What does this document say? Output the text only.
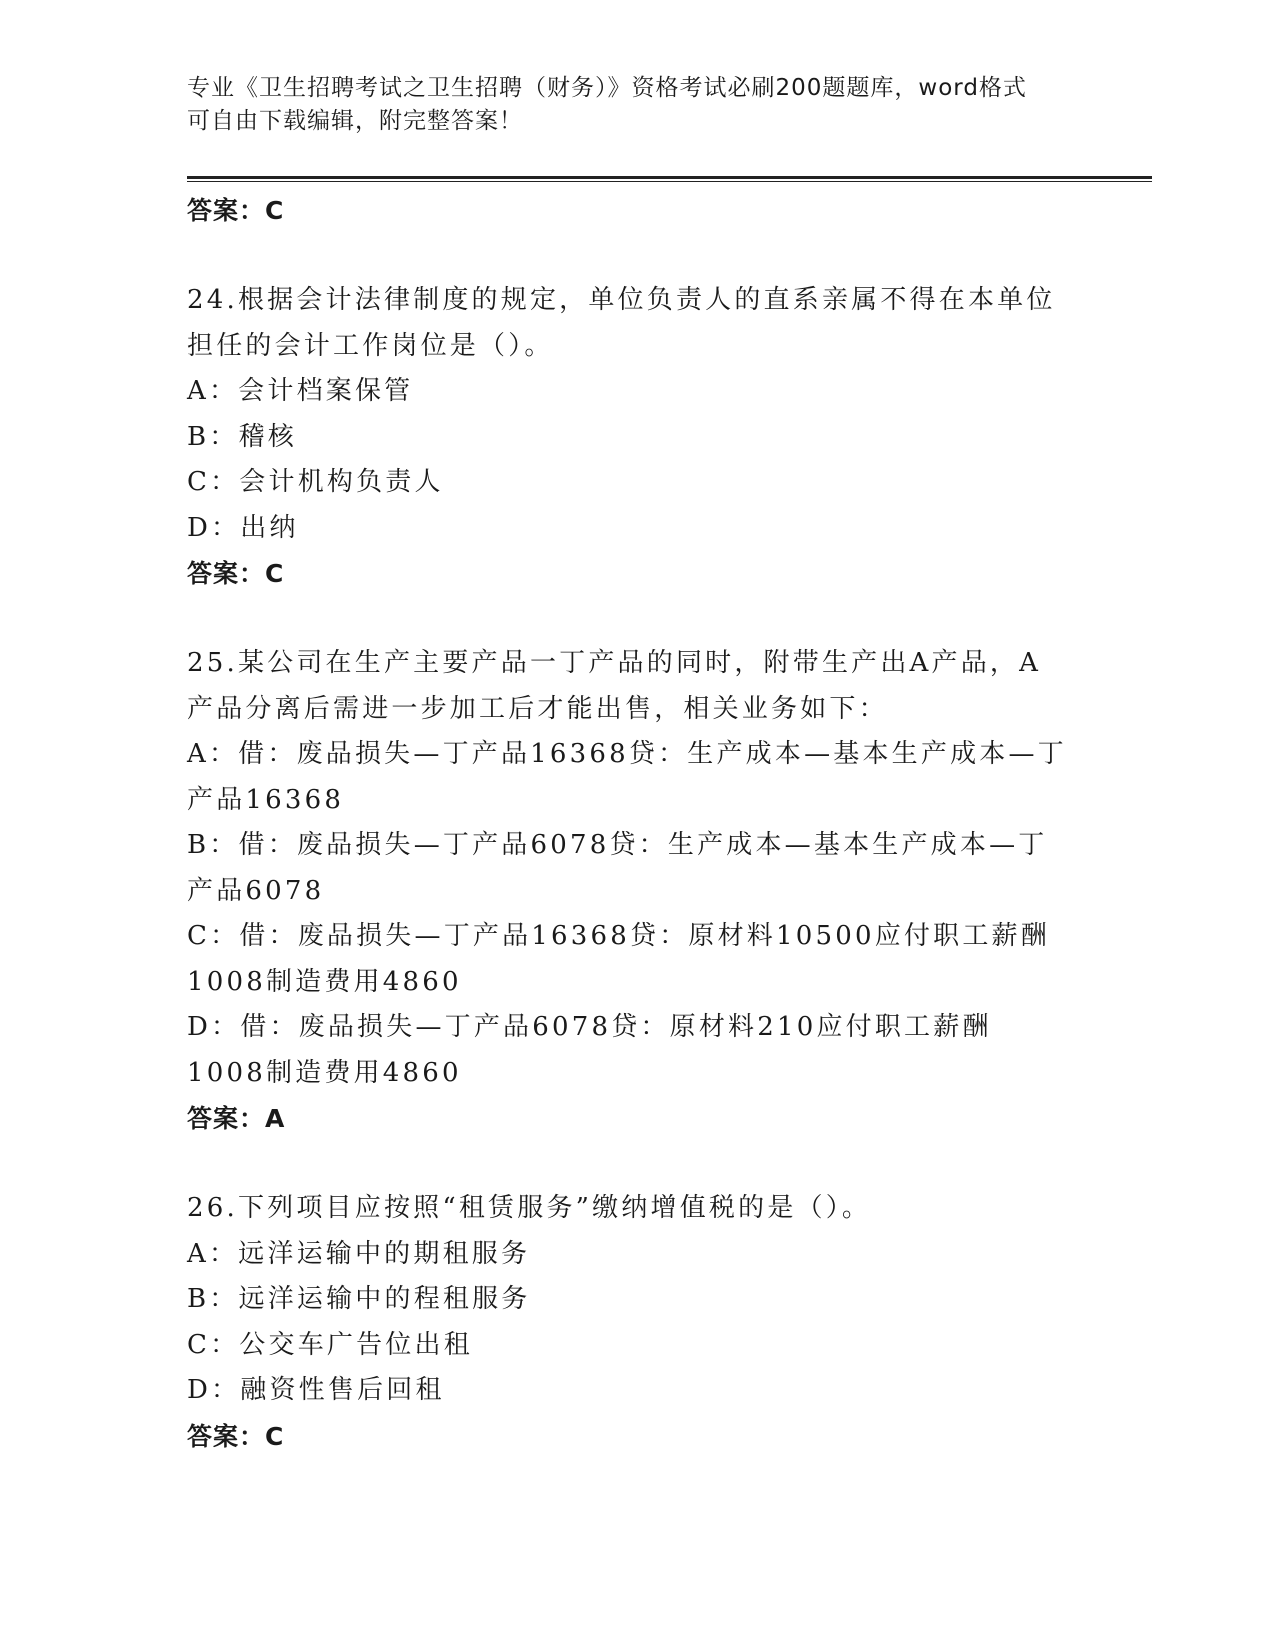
专业《卫生招聘考试之卫生招聘（财务）》资格考试必刷200题题库，word格式
可自由下载编辑，附完整答案！
答案：C
24.根据会计法律制度的规定，单位负责人的直系亲属不得在本单位担任的会计工作岗位是（）。
A：会计档案保管
B：稽核
C：会计机构负责人
D：出纳
答案：C
25.某公司在生产主要产品一丁产品的同时，附带生产出A产品，A产品分离后需进一步加工后才能出售，相关业务如下：
A：借：废品损失—丁产品16368贷：生产成本—基本生产成本—丁产品16368
B：借：废品损失—丁产品6078贷：生产成本—基本生产成本—丁产品6078
C：借：废品损失—丁产品16368贷：原材料10500应付职工薪酬1008制造费用4860
D：借：废品损失—丁产品6078贷：原材料210应付职工薪酬1008制造费用4860
答案：A
26.下列项目应按照“租赁服务”缴纳增值税的是（）。
A：远洋运输中的期租服务
B：远洋运输中的程租服务
C：公交车广告位出租
D：融资性售后回租
答案：C
